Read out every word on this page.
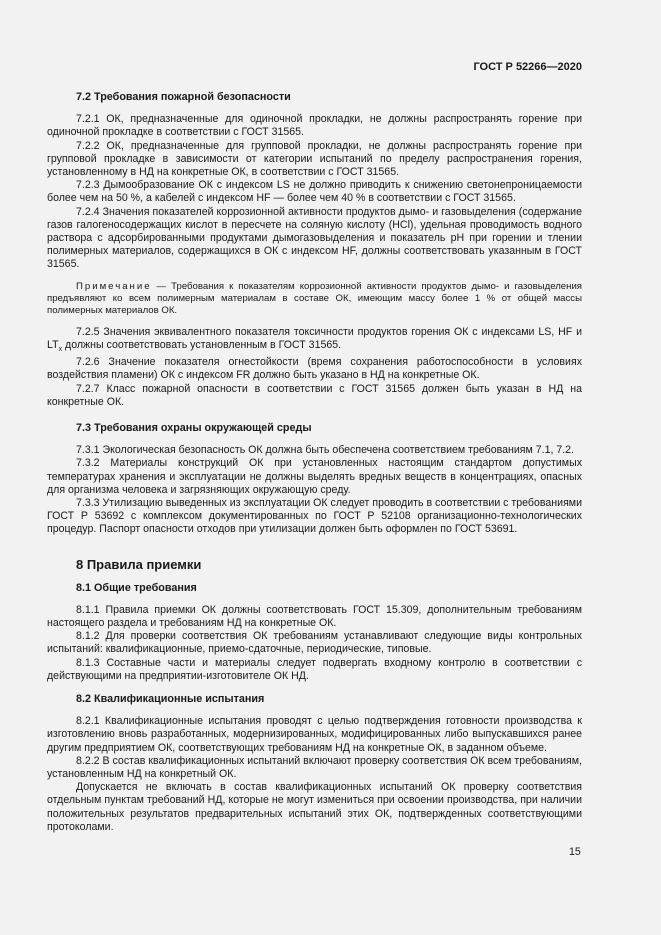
ГОСТ Р 52266—2020

7.2 Требования пожарной безопасности

7.2.1 ОК, предназначенные для одиночной прокладки, не должны распространять горение при одиночной прокладке в соответствии с ГОСТ 31565.

7.2.2 ОК, предназначенные для групповой прокладки, не должны распространять горение при групповой прокладке в зависимости от категории испытаний по пределу распространения горения, установленному в НД на конкретные ОК, в соответствии с ГОСТ 31565.

7.2.3 Дымообразование ОК с индексом LS не должно приводить к снижению светонепроницаемости более чем на 50 %, а кабелей с индексом HF — более чем 40 % в соответствии с ГОСТ 31565.

7.2.4 Значения показателей коррозионной активности продуктов дымо- и газовыделения (содержание газов галогеносодержащих кислот в пересчете на соляную кислоту (HCl), удельная проводимость водного раствора с адсорбированными продуктами дымогазовыделения и показатель pH при горении и тлении полимерных материалов, содержащихся в ОК с индексом HF, должны соответствовать указанным в ГОСТ 31565.

Примечание — Требования к показателям коррозионной активности продуктов дымо- и газовыделения предъявляют ко всем полимерным материалам в составе ОК, имеющим массу более 1 % от общей массы полимерных материалов ОК.

7.2.5 Значения эквивалентного показателя токсичности продуктов горения ОК с индексами LS, HF и $LT_x$ должны соответствовать установленным в ГОСТ 31565.

7.2.6 Значение показателя огнестойкости (время сохранения работоспособности в условиях воздействия пламени) ОК с индексом FR должно быть указано в НД на конкретные ОК.

7.2.7 Класс пожарной опасности в соответствии с ГОСТ 31565 должен быть указан в НД на конкретные ОК.

7.3 Требования охраны окружающей среды

7.3.1 Экологическая безопасность ОК должна быть обеспечена соответствием требованиям 7.1, 7.2.

7.3.2 Материалы конструкций ОК при установленных настоящим стандартом допустимых температурах хранения и эксплуатации не должны выделять вредных веществ в концентрациях, опасных для организма человека и загрязняющих окружающую среду.

7.3.3 Утилизацию выведенных из эксплуатации ОК следует проводить в соответствии с требованиями ГОСТ Р 53692 с комплексом документированных по ГОСТ Р 52108 организационно-технологических процедур. Паспорт опасности отходов при утилизации должен быть оформлен по ГОСТ 53691.

8 Правила приемки

8.1 Общие требования

8.1.1 Правила приемки ОК должны соответствовать ГОСТ 15.309, дополнительным требованиям настоящего раздела и требованиям НД на конкретные ОК.

8.1.2 Для проверки соответствия ОК требованиям устанавливают следующие виды контрольных испытаний: квалификационные, приемо-сдаточные, периодические, типовые.

8.1.3 Составные части и материалы следует подвергать входному контролю в соответствии с действующими на предприятии-изготовителе ОК НД.

8.2 Квалификационные испытания

8.2.1 Квалификационные испытания проводят с целью подтверждения готовности производства к изготовлению вновь разработанных, модернизированных, модифицированных либо выпускавшихся ранее другим предприятием ОК, соответствующих требованиям НД на конкретные ОК, в заданном объеме.

8.2.2 В состав квалификационных испытаний включают проверку соответствия ОК всем требованиям, установленным НД на конкретный ОК.

Допускается не включать в состав квалификационных испытаний ОК проверку соответствия отдельным пунктам требований НД, которые не могут измениться при освоении производства, при наличии положительных результатов предварительных испытаний этих ОК, подтвержденных соответствующими протоколами.

15
